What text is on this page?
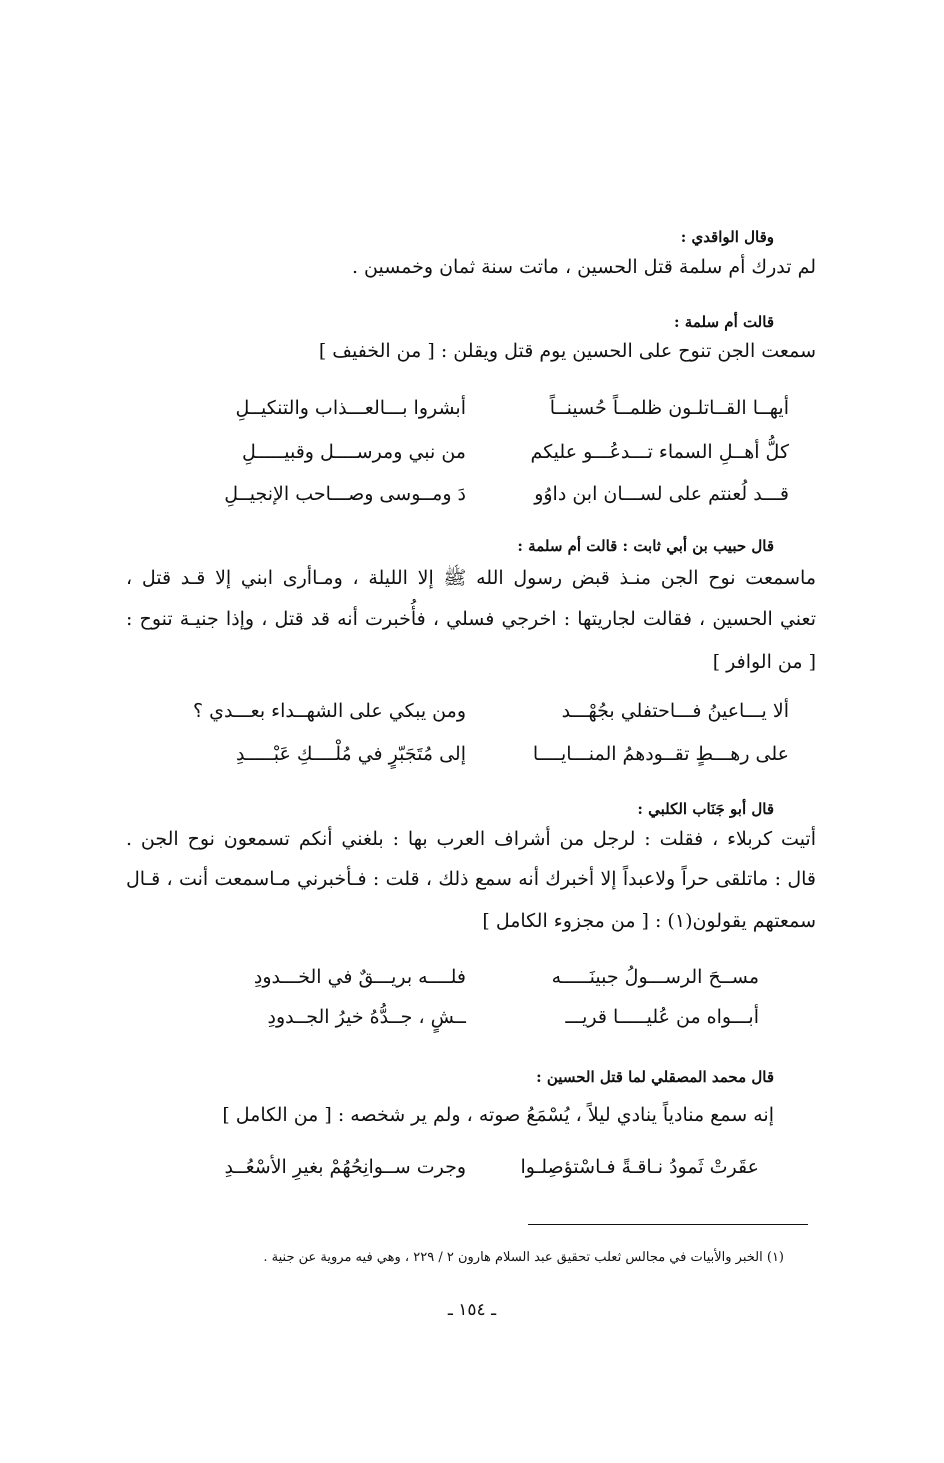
وقال الواقدي :
لم تدرك أم سلمة قتل الحسين ، ماتت سنة ثمان وخمسين .
قالت أم سلمة :
سمعت الجن تنوح على الحسين يوم قتل ويقلن : [ من الخفيف ]
أيهــا القــاتلـون ظلمــاً حُسينــاً
أبشروا بـــالعـــذاب والتنكيــلِ
كلُّ أهــلِ السماء تـــدعُـــو عليكم
من نبي ومرســــل وقبيـــــلِ
قـــد لُعنتم على لســـان ابن داوُو
دَ ومــوسى وصـــاحب الإنجيــلِ
قال حبيب بن أبي ثابت : قالت أم سلمة :
ماسمعت نوح الجن منـذ قبض رسول الله ﷺ إلا الليلة ، ومـاأرى ابني إلا قـد قتل ،
تعني الحسين ، فقالت لجاريتها : اخرجي فسلي ، فأُخبرت أنه قد قتل ، وإذا جنيـة تنوح :
[ من الوافر ]
ألا يـــاعينُ فـــاحتفلي بجُهْـــد
ومن يبكي على الشهــداء بعـــدي ؟
على رهـــطٍ تقــودهمُ المنـــايــــا
إلى مُتَجَبّرٍ في مُلْــــكِ عَبْـــــدِ
قال أبو جَنَاب الكلبي :
أتيت كربلاء ، فقلت : لرجل من أشراف العرب بها : بلغني أنكم تسمعون نوح الجن .
قال : ماتلقى حراً ولاعبداً إلا أخبرك أنه سمع ذلك ، قلت : فـأخبرني مـاسمعت أنت ، قـال
سمعتهم يقولون(١) : [ من مجزوء الكامل ]
مســحَ الرســـولُ جبينَـــــه
فلــــه بريـــقٌ في الخـــدودِ
أبـــواه من عُليـــــا قريـــ
ــشٍ ، جــدُّهُ خيرُ الجــدودِ
قال محمد المصقلي لما قتل الحسين :
إنه سمع منادياً ينادي ليلاً ، يُسْمَعُ صوته ، ولم ير شخصه : [ من الكامل ]
عقَرتْ ثَمودُ نـاقـةً فـاسْتؤصِلـوا
وجرت ســوانِحُهُمْ بغيرِ الأسْعُــدِ
(١) الخبر والأبيات في مجالس ثعلب تحقيق عبد السلام هارون ٢ / ٢٢٩ ، وهي فيه مروية عن جنية .
ـ ١٥٤ ـ
